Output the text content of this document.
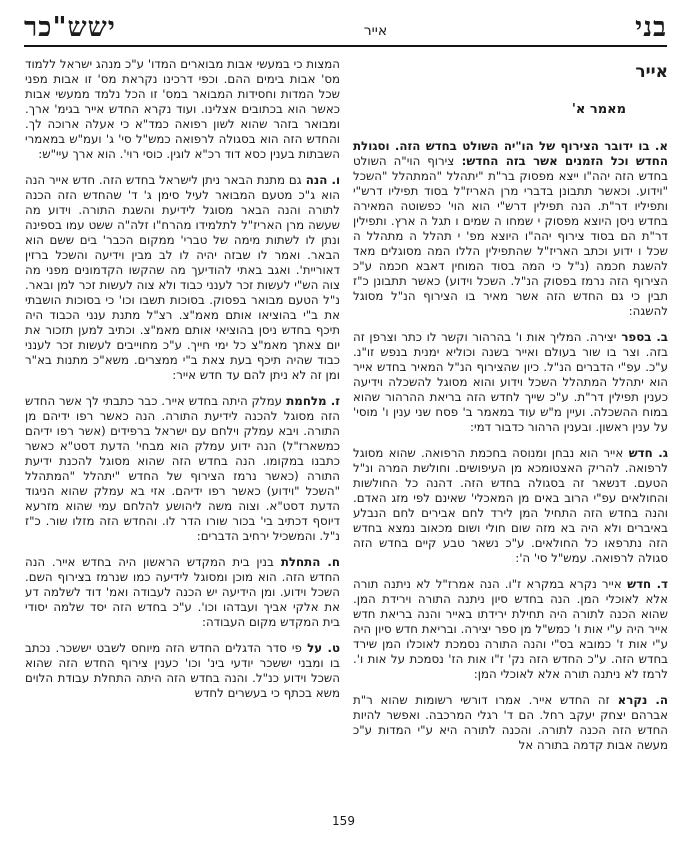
בני
אייר
ישש"כר
אייר
מאמר א'

א. בו ידובר הצירוף של הו"יה השולט בחדש הזה. וסגולת החדש וכל הזמנים אשר בזה החדש: צירוף הוי"ה השולט בחדש הזה יהה"ו ייצא מפסוק בר"ת "יתהלל "המתהלל "השכל "וידוע. וכאשר תתבונן בדברי מרן האריז"ל בסוד תפיליו דרש"י ותפיליו דר"ת. הנה תפילין דרש"י הוא הוי' כפשוטה המאירה בחדש ניסן היוצא מפסוק י שמחו ה שמים ו תגל ה ארץ. ותפילין דר"ת הם בסוד צירוף יהה"ו היוצא מפ' י תהלל ה מתהלל ה שכל ו ידוע וכתב האריז"ל שהתפילין הללו המה מסוגלים מאד להשגת חכמה (נ"ל כי המה בסוד המוחין דאבא חכמה ע"כ הצירוף הזה נרמז בפסוק הנ"ל. השכל וידוע) כאשר תתבונן כ"ז תבין כי גם החדש הזה אשר מאיר בו הצירוף הנ"ל מסוגל להשגה:

ב. בספר יצירה. המליך אות ו' בהרהור וקשר לו כתר וצרפן זה בזה. וצר בו שור בעולם ואייר בשנה וכוליא ימנית בנפש זו"נ. ע"כ. עפ"י הדברים הנ"ל. כיון שהצירוף הנ"ל המאיר בחדש אייר הוא יתהלל המתהלל השכל וידוע והוא מסוגל להשכלה וידיעה כענין תפילין דר"ת. ע"כ שייך לחדש הזה בריאת ההרהור שהוא במוח ההשכלה. ועיין מ"ש עוד במאמר ב' פסח שני ענין ו' מוסי' על ענין ראשון. ובענין הרהור כדבור דמי:

ג. חדש אייר הוא נבחן ומנוסה בחכמת הרפואה. שהוא מסוגל לרפואה. להריק האצטומכא מן העיפושים. וחולשת המרה ונ"ל הטעם. דנשאר זה בסגולה בחדש הזה. דהנה כל החולשות והחולאים עפ"י הרוב באים מן המאכלי' שאינם לפי מזג האדם. והנה בחדש הזה התחיל המן לירד לחם אבירים לחם הנבלע באיברים ולא היה בא מזה שום חולי ושום מכאוב נמצא בחדש הזה נתרפאו כל החולאים. ע"כ נשאר טבע קיים בחדש הזה סגולה לרפואה. עמש"ל סי' ה':

ד. חדש אייר נקרא במקרא ז"ו. הנה אמרז"ל לא ניתנה תורה אלא לאוכלי המן. הנה בחדש סיון ניתנה התורה וירידת המן. שהוא הכנה לתורה היה תחילת ירידתו באייר והנה בריאת חדש אייר היה ע"י אות ו' כמש"ל מן ספר יצירה. ובריאת חדש סיון היה ע"י אות ז' כמובא בס"י והנה התורה נסמכת לאוכלו המן שירד בחדש הזה. ע"כ החדש הזה נק' ז"ו אות הז' נסמכת על אות ו'. לרמז לא ניתנה תורה אלא לאוכלי המן:

ה. נקרא זה החדש אייר. אמרו דורשי רשומות שהוא ר"ת אברהם יצחק יעקב רחל. הם ד' רגלי המרכבה. ואפשר להיות החדש הזה הכנה לתורה. והכנה לתורה היא ע"י המדות ע"כ מעשה אבות קדמה בתורה אל

המצות כי במעשי אבות מבוארים המדו' ע"כ מנהג ישראל ללמוד מס' אבות בימים ההם. וכפי דרכינו נקראת מס' זו אבות מפני שכל המדות וחסידות המבואר במס' זו הכל נלמד ממעשי אבות כאשר הוא בכתובים אצלינו. ועוד נקרא החדש אייר בגימ' ארך. ומבואר בזהר שהוא לשון רפואה כמד"א כי אעלה ארוכה לך. והחדש הזה הוא בסגולה לרפואה כמש"ל סי' ג' ועמ"ש במאמרי השבתות בענין כסא דוד רכ"א לוגין. כוסי רוי'. הוא ארך עיי"ש:

ו. הנה גם מתנת הבאר ניתן לישראל בחדש הזה. חדש אייר הנה הוא ג"כ מטעם המבואר לעיל סימן ג' ד' שהחדש הזה הכנה לתורה והנה הבאר מסוגל לידיעת והשגת התורה. וידוע מה שעשה מרן האריז"ל לתלמידו מהרח"ו זלה"ה ששט עמו בספינה ונתן לו לשתות מימה של טברי' ממקום הכבר' בים ששם הוא הבאר. ואמר לו שבזה יהיה לו לב מבין וידיעה והשכל ברזין דאוריית'. ואגב באתי להודיעך מה שהקשו הקדמונים מפני מה צוה הש"י לעשות זכר לענני כבוד ולא צוה לעשות זכר למן ובאר. נ"ל הטעם מבואר בפסוק. בסוכות תשבו וכו' כי בסוכות הושבתי את ב"י בהוציאו אותם מאמ"צ. רצ"ל מתנת ענני הכבוד היה תיכף בחדש ניסן בהוציאי אותם מאמ"צ. וכתיב למען תזכור את יום צאתך מאמ"צ כל ימי חייך. ע"כ מחוייבים לעשות זכר לענני כבוד שהיה תיכף בעת צאת ב"י ממצרים. משא"כ מתנות בא"ר ומן זה לא ניתן להם עד חדש אייר:

ז. מלחמת עמלק היתה בחדש אייר. כבר כתבתי לך אשר החדש הזה מסוגל להכנה לידיעת התורה. הנה כאשר רפו ידיהם מן התורה. ויבא עמלק וילחם עם ישראל ברפידים (אשר רפו ידיהם כמשארז"ל) הנה ידוע עמלק הוא מבחי' הדעת דסט"א כאשר כתבנו במקומו. הנה בחדש הזה שהוא מסוגל להכנת ידיעת התורה (כאשר נרמז הצירוף של החדש "יתהלל "המתהלל "השכל "וידוע) כאשר רפו ידיהם. אזי בא עמלק שהוא הניגוד הדעת דסט"א. וצוה משה ליהושע להלחם עמי שהוא מזרעא דיוסף דכתיב בי' בכור שורו הדר לו. והחדש הזה מזלו שור. כ"ז נ"ל. והמשכיל ירחיב הדברים:

ח. התחלת בנין בית המקדש הראשון היה בחדש אייר. הנה החדש הזה. הוא מוכן ומסוגל לידיעה כמו שנרמז בצירוף השם. השכל וידוע. ומן הידיעה יש הכנה לעבודה ואמ' דוד לשלמה דע את אלקי אביך ועבדהו וכו'. ע"כ בחדש הזה יסד שלמה יסודי בית המקדש מקום העבודה:

ט. על פי סדר הדגלים החדש הזה מיוחס לשבט יששכר. נכתב בו ומבני יששכר יודעי בינ' וכו' כענין צירוף החדש הזה שהוא השכל וידוע כנ"ל. והנה בחדש הזה היתה התחלת עבודת הלוים משא בכתף כי בעשרים לחדש

159
